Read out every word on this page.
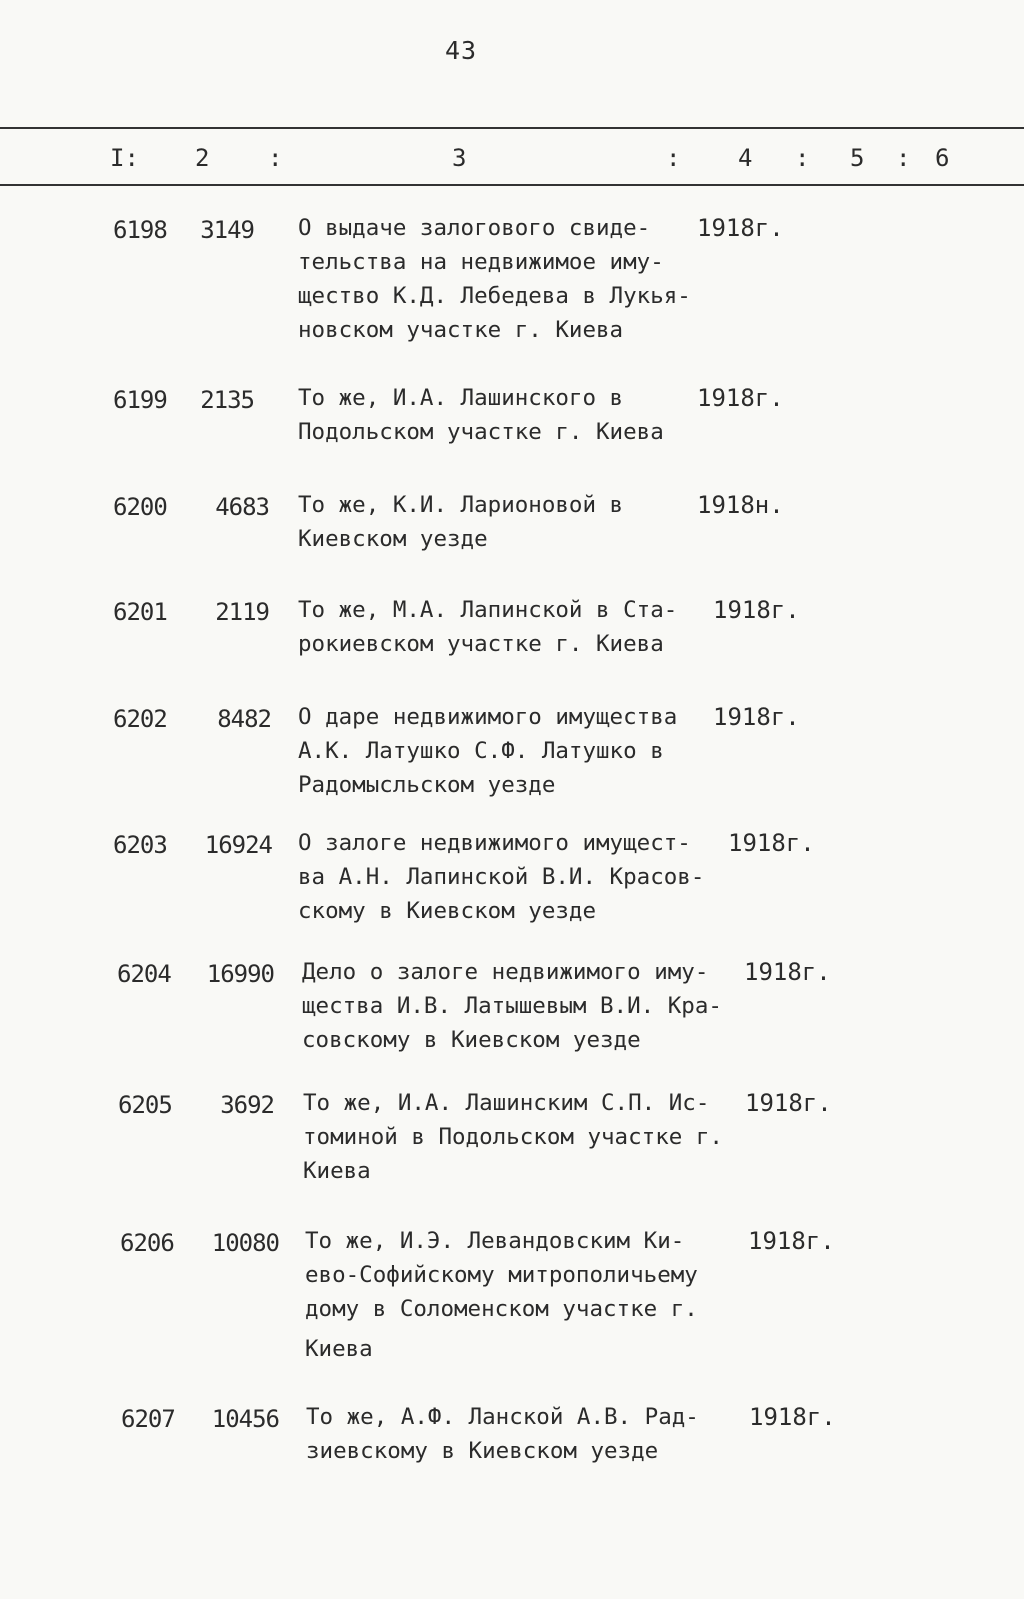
43
I: 2 :	3	: 4 : 5 : 6
6198 3149 О выдаче залогового свиде-
тельства на недвижимое иму-
щество К.Д. Лебедева в Лукья-
новском участке г. Киева
1918г.
6199 2135 То же, И.А. Лашинского в
Подольском участке г. Киева
1918г.
6200 4683 То же, К.И. Ларионовой в
Киевском уезде
1918н.
6201 2119 То же, М.А. Лапинской в Ста-
рокиевском участке г. Киева
1918г.
6202 8482 О даре недвижимого имущества
А.К. Латушко С.Ф. Латушко в
Радомысльском уезде
1918г.
6203 16924 О залоге недвижимого имущест-
ва А.Н. Лапинской В.И. Красов-
скому в Киевском уезде
1918г.
6204 16990 Дело о залоге недвижимого иму-
щества И.В. Латышевым В.И. Кра-
совскому в Киевском уезде
1918г.
6205 3692 То же, И.А. Лашинским С.П. Ис-
томиной в Подольском участке г.
Киева
1918г.
6206 10080 То же, И.Э. Левандовским Ки-
ево-Софийскому митрополичьему
дому в Соломенском участке г.
Киева
1918г.
6207 10456 То же, А.Ф. Ланской А.В. Рад-
зиевскому в Киевском уезде
1918г.
